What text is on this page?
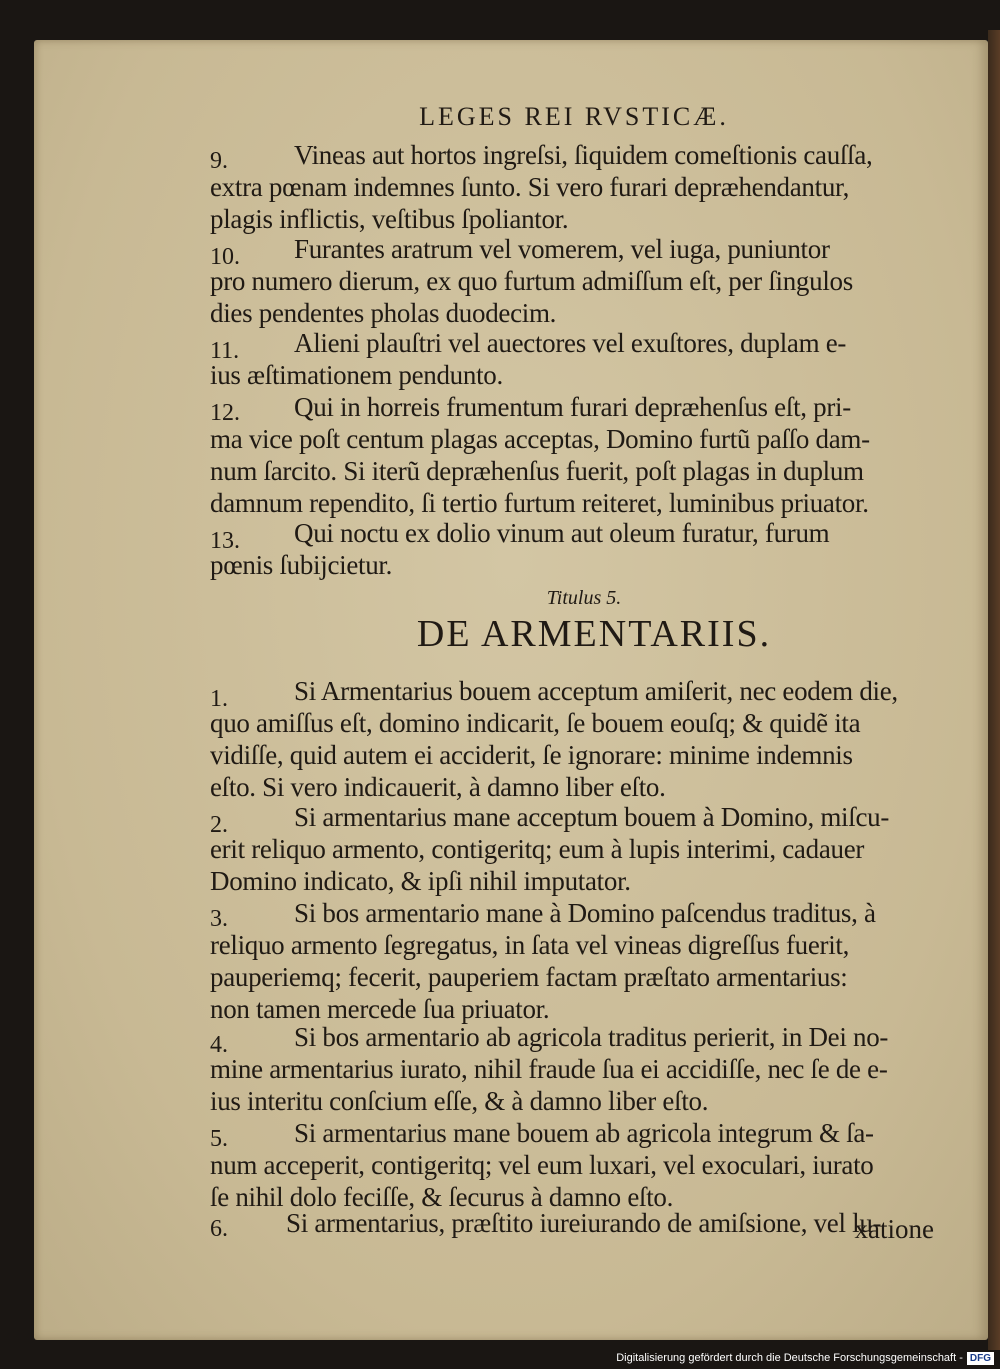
LEGES REI RVSTICÆ.
9.	Vineas aut hortos ingreſsi, ſiquidem comeſtionis cauſſa,
extra pœnam indemnes ſunto. Si vero furari depræhendantur,
plagis inflictis, veſtibus ſpoliantor.
10.	Furantes aratrum vel vomerem, vel iuga, puniuntor
pro numero dierum, ex quo furtum admiſſum eſt, per ſingulos
dies pendentes pholas duodecim.
11.	Alieni plauſtri vel auectores vel exuſtores, duplam e-
ius æſtimationem pendunto.
12.	Qui in horreis frumentum furari depræhenſus eſt, pri-
ma vice poſt centum plagas acceptas, Domino furtũ paſſo dam-
num ſarcito. Si iterũ depræhenſus fuerit, poſt plagas in duplum
damnum rependito, ſi tertio furtum reiteret, luminibus priuator.
13.	Qui noctu ex dolio vinum aut oleum furatur, furum
pœnis ſubijcietur.
Titulus 5.
DE ARMENTARIIS.
1.	Si Armentarius bouem acceptum amiſerit, nec eodem die,
quo amiſſus eſt, domino indicarit, ſe bouem eouſq; & quidẽ ita
vidiſſe, quid autem ei acciderit, ſe ignorare: minime indemnis
eſto. Si vero indicauerit, à damno liber eſto.
2.	Si armentarius mane acceptum bouem à Domino, miſcu-
erit reliquo armento, contigeritq; eum à lupis interimi, cadauer
Domino indicato, & ipſi nihil imputator.
3.	Si bos armentario mane à Domino paſcendus traditus, à
reliquo armento ſegregatus, in ſata vel vineas digreſſus fuerit,
pauperiemq; fecerit, pauperiem factam præſtato armentarius:
non tamen mercede ſua priuator.
4.	Si bos armentario ab agricola traditus perierit, in Dei no-
mine armentarius iurato, nihil fraude ſua ei accidiſſe, nec ſe de e-
ius interitu conſcium eſſe, & à damno liber eſto.
5.	Si armentarius mane bouem ab agricola integrum & ſa-
num acceperit, contigeritq; vel eum luxari, vel exoculari, iurato
ſe nihil dolo feciſſe, & ſecurus à damno eſto.
6.	Si armentarius, præſtito iureiurando de amiſsione, vel lu-
xatione
Digitalisierung gefördert durch die Deutsche Forschungsgemeinschaft - DFG
